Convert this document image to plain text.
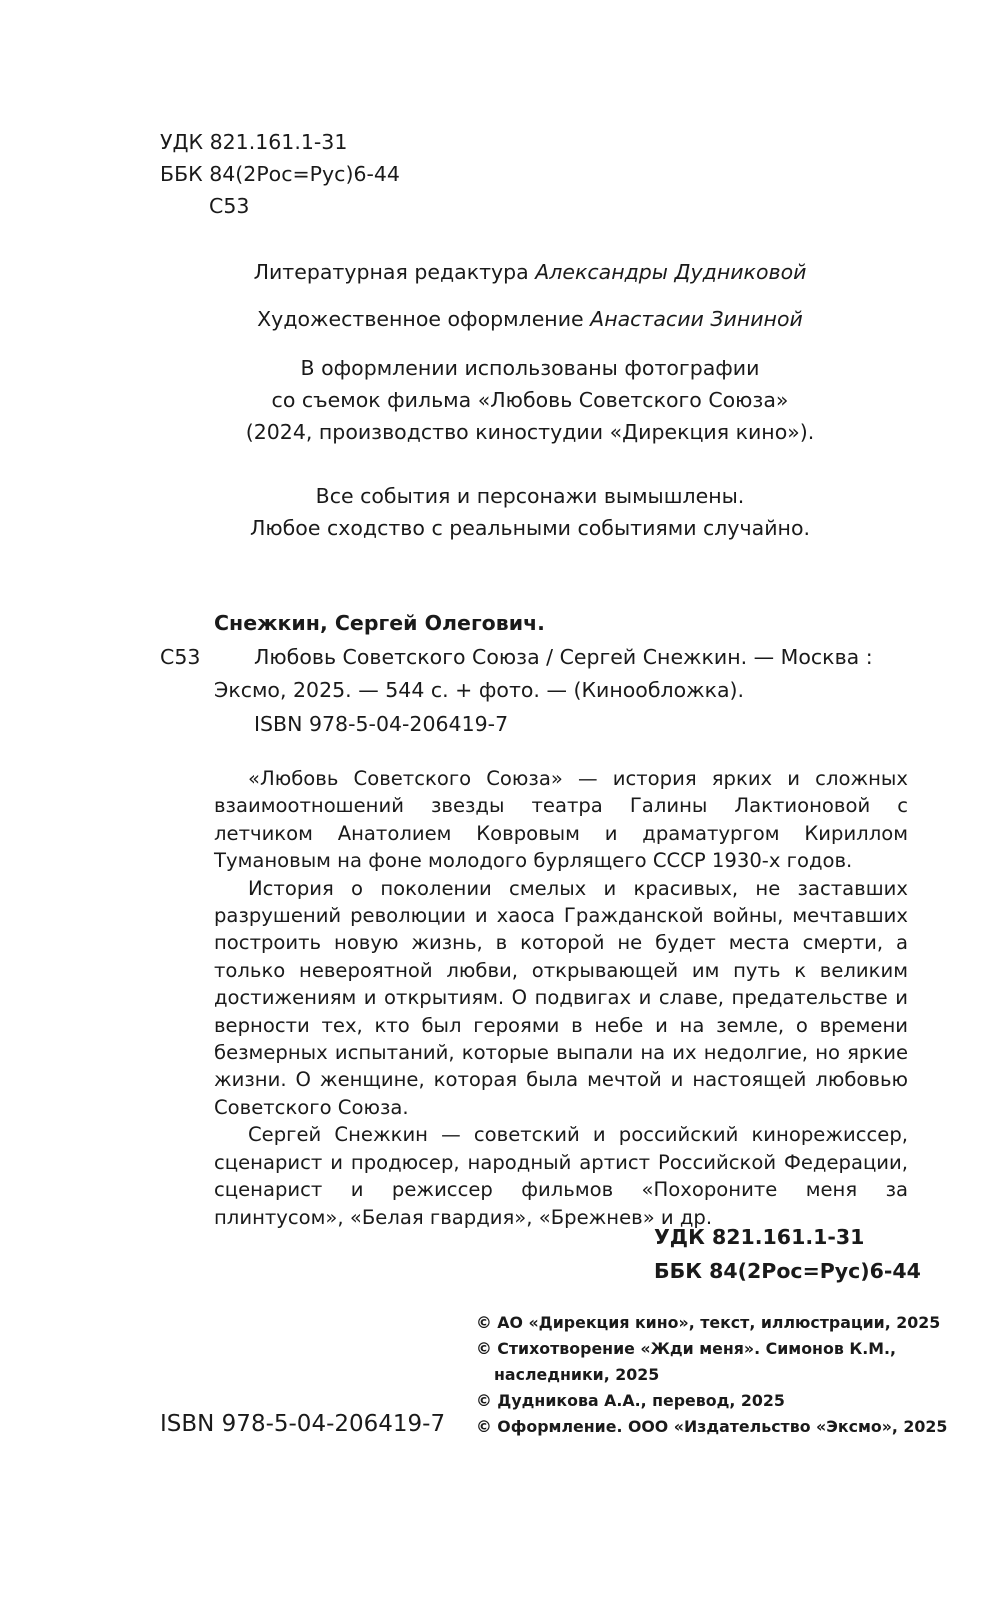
УДК 821.161.1-31
ББК 84(2Рос=Рус)6-44
С53
Литературная редактура Александры Дудниковой
Художественное оформление Анастасии Зининой
В оформлении использованы фотографии
со съемок фильма «Любовь Советского Союза»
(2024, производство киностудии «Дирекция кино»).
Все события и персонажи вымышлены.
Любое сходство с реальными событиями случайно.
Снежкин, Сергей Олегович.
С53	Любовь Советского Союза / Сергей Снежкин. — Москва :
Эксмо, 2025. — 544 с. + фото. — (Кинообложка).
ISBN 978-5-04-206419-7

«Любовь Советского Союза» — история ярких и сложных взаимоотношений звезды театра Галины Лактионовой с летчиком Анатолием Ковровым и драматургом Кириллом Тумановым на фоне молодого бурлящего СССР 1930-х годов.

История о поколении смелых и красивых, не заставших разрушений революции и хаоса Гражданской войны, мечтавших построить новую жизнь, в которой не будет места смерти, а только невероятной любви, открывающей им путь к великим достижениям и открытиям. О подвигах и славе, предательстве и верности тех, кто был героями в небе и на земле, о времени безмерных испытаний, которые выпали на их недолгие, но яркие жизни. О женщине, которая была мечтой и настоящей любовью Советского Союза.

Сергей Снежкин — советский и российский кинорежиссер, сценарист и продюсер, народный артист Российской Федерации, сценарист и режиссер фильмов «Похороните меня за плинтусом», «Белая гвардия», «Брежнев» и др.

УДК 821.161.1-31
ББК 84(2Рос=Рус)6-44
© АО «Дирекция кино», текст, иллюстрации, 2025
© Стихотворение «Жди меня». Симонов К.М.,
наследники, 2025
© Дудникова А.А., перевод, 2025
© Оформление. ООО «Издательство «Эксмо», 2025
ISBN 978-5-04-206419-7
